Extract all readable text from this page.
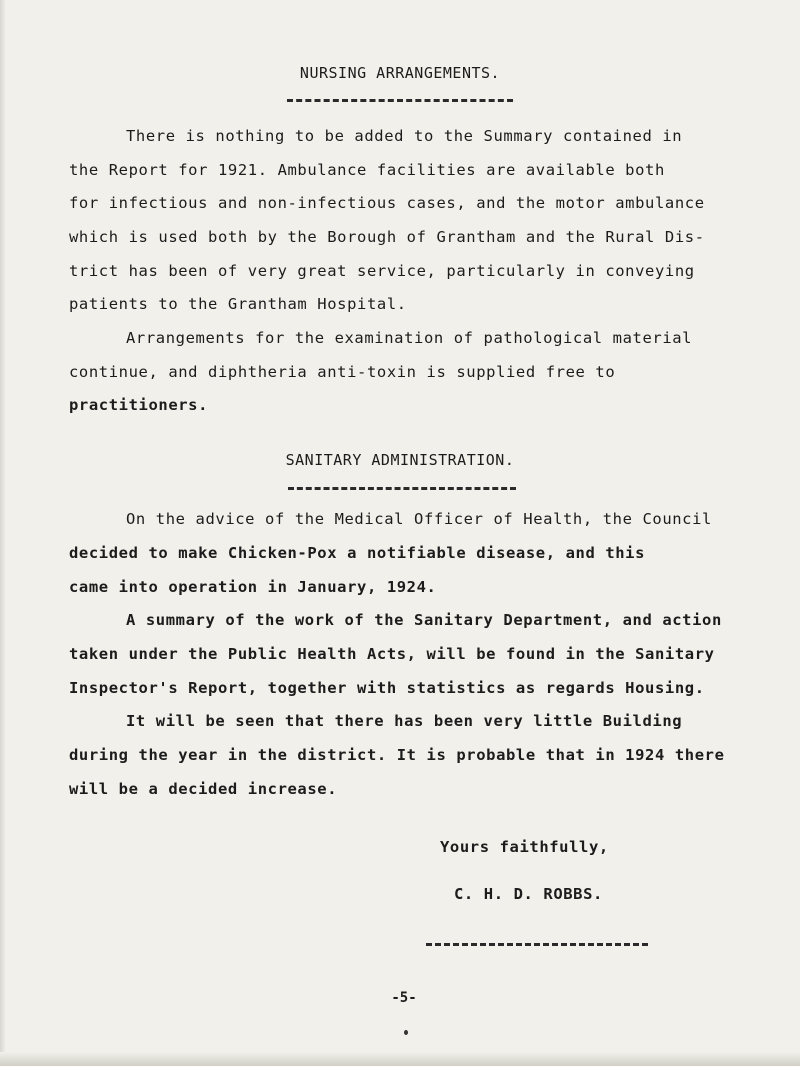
NURSING ARRANGEMENTS.
There is nothing to be added to the Summary contained in
the Report for 1921. Ambulance facilities are available both
for infectious and non-infectious cases, and the motor ambulance
which is used both by the Borough of Grantham and the Rural Dis-
trict has been of very great service, particularly in conveying
patients to the Grantham Hospital.
Arrangements for the examination of pathological material
continue, and diphtheria anti-toxin is supplied free to
practitioners.
SANITARY ADMINISTRATION.
On the advice of the Medical Officer of Health, the Council
decided to make Chicken-Pox a notifiable disease, and this
came into operation in January, 1924.
A summary of the work of the Sanitary Department, and action
taken under the Public Health Acts, will be found in the Sanitary
Inspector's Report, together with statistics as regards Housing.
It will be seen that there has been very little Building
during the year in the district. It is probable that in 1924 there
will be a decided increase.
Yours faithfully,
C. H. D. ROBBS.
-5-
